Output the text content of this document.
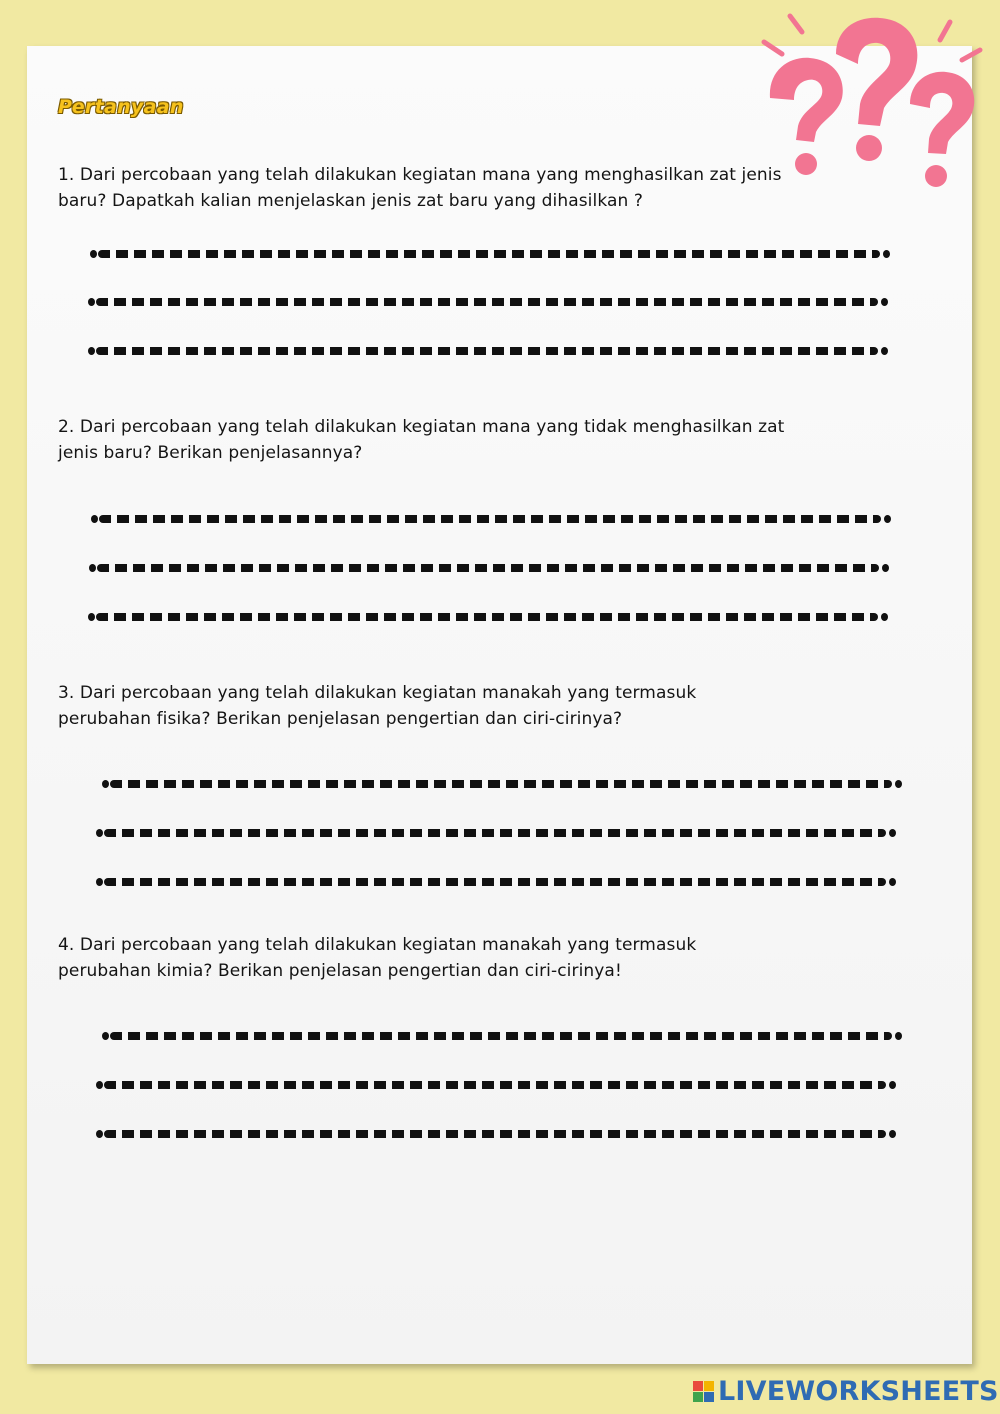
Pertanyaan

1. Dari percobaan yang telah dilakukan kegiatan mana yang menghasilkan zat jenis
baru? Dapatkah kalian menjelaskan jenis zat baru yang dihasilkan ?

2. Dari percobaan yang telah dilakukan kegiatan mana yang tidak menghasilkan zat
jenis baru? Berikan penjelasannya?

3. Dari percobaan yang telah dilakukan kegiatan manakah yang termasuk
perubahan fisika? Berikan penjelasan pengertian dan ciri-cirinya?

4. Dari percobaan yang telah dilakukan kegiatan manakah yang termasuk
perubahan kimia? Berikan penjelasan pengertian dan ciri-cirinya!

LIVEWORKSHEETS
